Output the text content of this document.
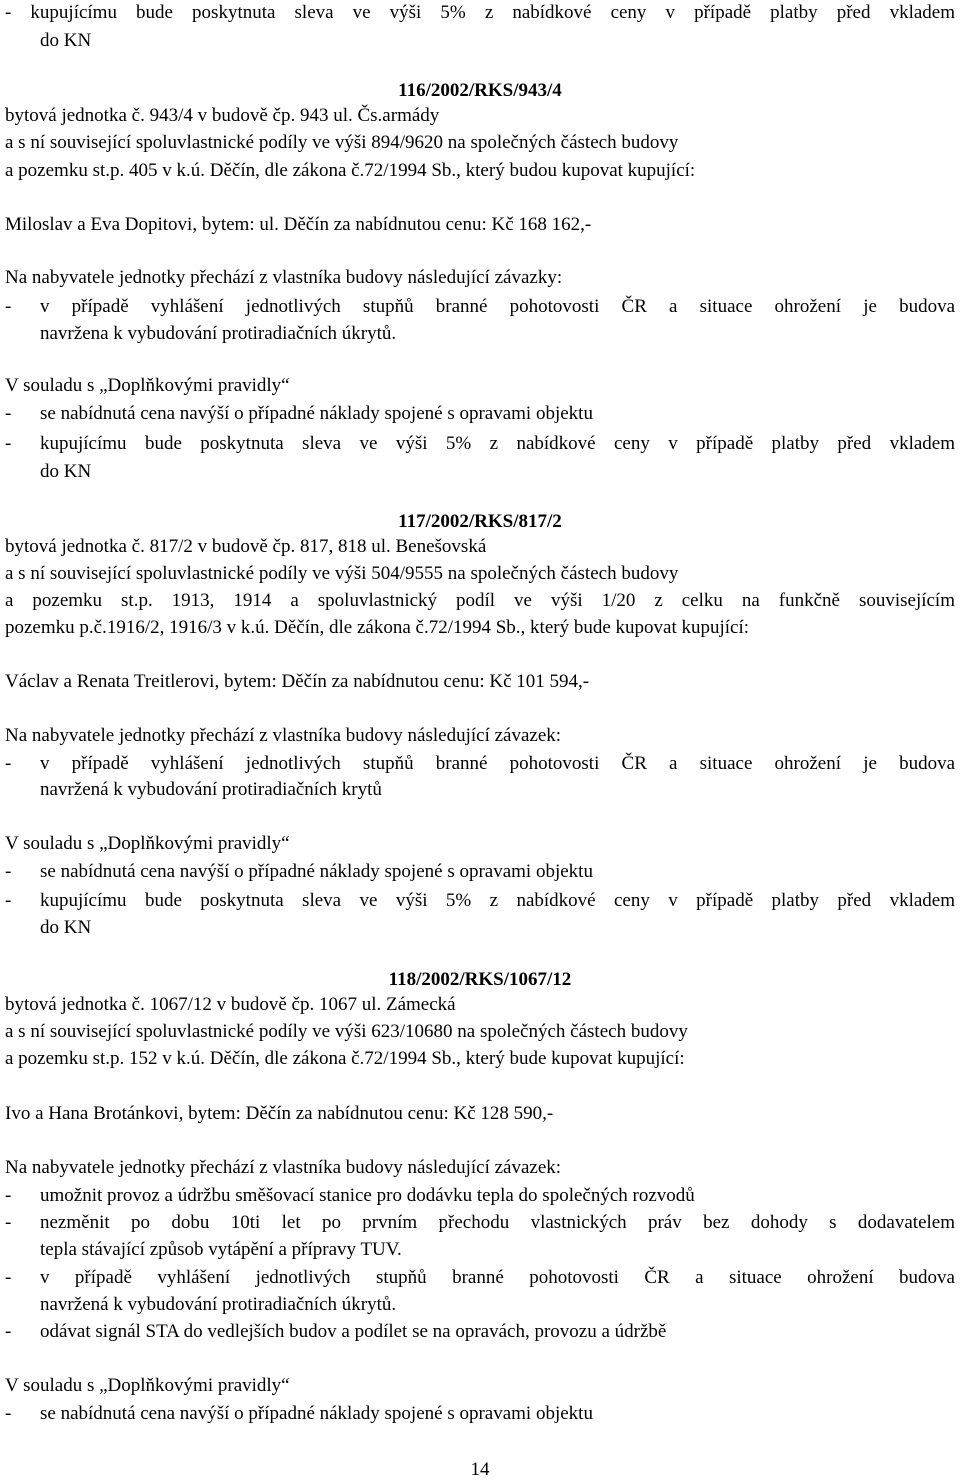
- kupujícímu bude poskytnuta sleva ve výši 5% z nabídkové ceny v případě platby před vkladem
do KN
116/2002/RKS/943/4
bytová jednotka č. 943/4 v budově čp. 943 ul. Čs.armády
a s ní související spoluvlastnické podíly ve výši 894/9620 na společných částech budovy
a pozemku st.p. 405 v k.ú. Děčín, dle zákona č.72/1994 Sb., který budou kupovat kupující:
Miloslav a Eva Dopitovi, bytem: ul. Děčín za nabídnutou cenu: Kč 168 162,-
Na nabyvatele jednotky přechází z vlastníka budovy následující závazky:
v případě vyhlášení jednotlivých stupňů branné pohotovosti ČR a situace ohrožení je budova
-
navržena k vybudování protiradiačních úkrytů.
V souladu s „Doplňkovými pravidly“
- se nabídnutá cena navýší o případné náklady spojené s opravami objektu
- kupujícímu bude poskytnuta sleva ve výši 5% z nabídkové ceny v případě platby před vkladem
do KN
117/2002/RKS/817/2
bytová jednotka č. 817/2 v budově čp. 817, 818 ul. Benešovská
a s ní související spoluvlastnické podíly ve výši 504/9555 na společných částech budovy
a pozemku st.p. 1913, 1914 a spoluvlastnický podíl ve výši 1/20 z celku na funkčně souvisejícím
pozemku p.č.1916/2, 1916/3 v k.ú. Děčín, dle zákona č.72/1994 Sb., který bude kupovat kupující:
Václav a Renata Treitlerovi, bytem: Děčín za nabídnutou cenu: Kč 101 594,-
Na nabyvatele jednotky přechází z vlastníka budovy následující závazek:
- v případě vyhlášení jednotlivých stupňů branné pohotovosti ČR a situace ohrožení je budova
navržená k vybudování protiradiačních krytů
V souladu s „Doplňkovými pravidly“
- se nabídnutá cena navýší o případné náklady spojené s opravami objektu
- kupujícímu bude poskytnuta sleva ve výši 5% z nabídkové ceny v případě platby před vkladem
do KN
118/2002/RKS/1067/12
bytová jednotka č. 1067/12 v budově čp. 1067 ul. Zámecká
a s ní související spoluvlastnické podíly ve výši 623/10680 na společných částech budovy
a pozemku st.p. 152 v k.ú. Děčín, dle zákona č.72/1994 Sb., který bude kupovat kupující:
Ivo a Hana Brotánkovi, bytem: Děčín za nabídnutou cenu: Kč 128 590,-
Na nabyvatele jednotky přechází z vlastníka budovy následující závazek:
- umožnit provoz a údržbu směšovací stanice pro dodávku tepla do společných rozvodů
- nezměnit po dobu 10ti let po prvním přechodu vlastnických práv bez dohody s dodavatelem
tepla stávající způsob vytápění a přípravy TUV.
- v případě vyhlášení jednotlivých stupňů branné pohotovosti ČR a situace ohrožení budova
navržená k vybudování protiradiačních úkrytů.
- odávat signál STA do vedlejších budov a podílet se na opravách, provozu a údržbě
V souladu s „Doplňkovými pravidly“
- se nabídnutá cena navýší o případné náklady spojené s opravami objektu
14
